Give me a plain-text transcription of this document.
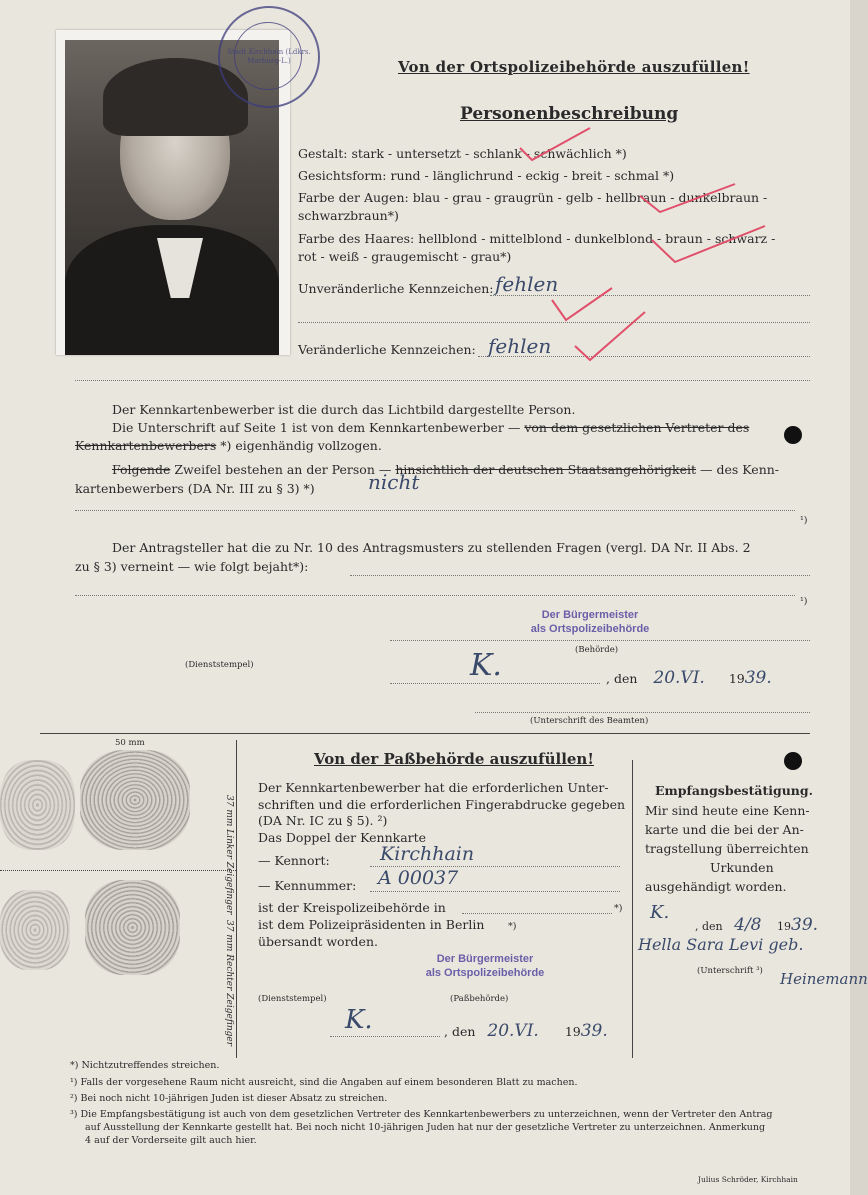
Stadt Kirchhain (Ldkrs. Marburg-L.)	Von der Ortspolizeibehörde auszufüllen!
Personenbeschreibung
Gestalt: stark - untersetzt - schlank - schwächlich *)
Gesichtsform: rund - länglichrund - eckig - breit - schmal *)
Farbe der Augen: blau - grau - graugrün - gelb - hellbraun - dunkelbraun -
schwarzbraun*)
Farbe des Haares: hellblond - mittelblond - dunkelblond - braun - schwarz -
rot - weiß - graugemischt - grau*)
Unveränderliche Kennzeichen: fehlen
Veränderliche Kennzeichen: fehlen
Der Kennkartenbewerber ist die durch das Lichtbild dargestellte Person.
Die Unterschrift auf Seite 1 ist von dem Kennkartenbewerber — von dem gesetzlichen Vertreter des
Kennkartenbewerbers *) eigenhändig vollzogen.
Folgende Zweifel bestehen an der Person — hinsichtlich der deutschen Staatsangehörigkeit — des Kenn-
kartenbewerbers (DA Nr. III zu § 3) *)	nicht
¹)
Der Antragsteller hat die zu Nr. 10 des Antragsmusters zu stellenden Fragen (vergl. DA Nr. II Abs. 2
zu § 3) verneint — wie folgt bejaht*):
¹)
Der Bürgermeister
als Ortspolizeibehörde
(Behörde)
(Dienststempel)	K.	, den 20.VI. 1939.
(Unterschrift des Beamten)
50 mm
37 mm Linker Zeigefinger
37 mm Rechter Zeigefinger
Von der Paßbehörde auszufüllen!
Der Kennkartenbewerber hat die erforderlichen Unter-
schriften und die erforderlichen Fingerabdrucke gegeben
(DA Nr. IC zu § 5). ²)
Das Doppel der Kennkarte
— Kennort:	Kirchhain
— Kennummer: A 00037
ist der Kreispolizeibehörde in	*)
ist dem Polizeipräsidenten in Berlin *)
übersandt worden.
Der Bürgermeister
als Ortspolizeibehörde
(Paßbehörde)
(Dienststempel)
K.	, den 20.VI. 1939.
Empfangsbestätigung.
Mir sind heute eine Kenn-
karte und die bei der An-
tragstellung überreichten
Urkunden
ausgehändigt worden.
K.
, den 4/8 1939.
Hella Sara Levi geb.
(Unterschrift ³) Heinemann
*) Nichtzutreffendes streichen.
¹) Falls der vorgesehene Raum nicht ausreicht, sind die Angaben auf einem besonderen Blatt zu machen.
²) Bei noch nicht 10-jährigen Juden ist dieser Absatz zu streichen.
³) Die Empfangsbestätigung ist auch von dem gesetzlichen Vertreter des Kennkartenbewerbers zu unterzeichnen, wenn der Vertreter den Antrag
auf Ausstellung der Kennkarte gestellt hat. Bei noch nicht 10-jährigen Juden hat nur der gesetzliche Vertreter zu unterzeichnen. Anmerkung
4 auf der Vorderseite gilt auch hier.
Julius Schröder, Kirchhain
